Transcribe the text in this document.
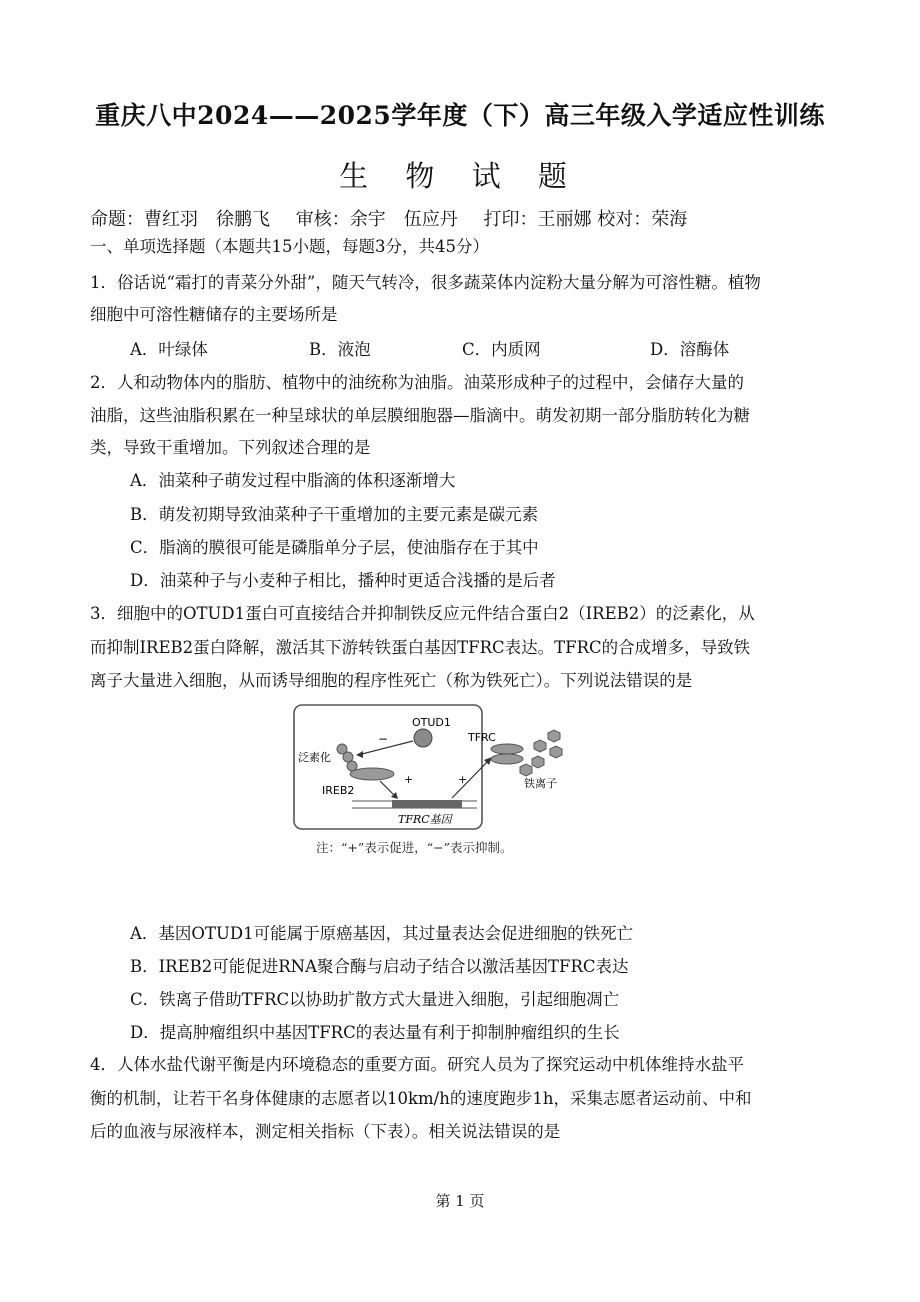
重庆八中2024——2025学年度（下）高三年级入学适应性训练
生 物 试 题
命题：曹红羽　徐鹏飞 审核：余宇　伍应丹 打印：王丽娜 校对：荣海
一、单项选择题（本题共15小题，每题3分，共45分）
1．俗话说“霜打的青菜分外甜”，随天气转冷，很多蔬菜体内淀粉大量分解为可溶性糖。植物
细胞中可溶性糖储存的主要场所是
A．叶绿体	B．液泡	C．内质网	D．溶酶体
2．人和动物体内的脂肪、植物中的油统称为油脂。油菜形成种子的过程中，会储存大量的
油脂，这些油脂积累在一种呈球状的单层膜细胞器—脂滴中。萌发初期一部分脂肪转化为糖
类，导致干重增加。下列叙述合理的是
A．油菜种子萌发过程中脂滴的体积逐渐增大
B．萌发初期导致油菜种子干重增加的主要元素是碳元素
C．脂滴的膜很可能是磷脂单分子层，使油脂存在于其中
D．油菜种子与小麦种子相比，播种时更适合浅播的是后者
3．细胞中的OTUD1蛋白可直接结合并抑制铁反应元件结合蛋白2（IREB2）的泛素化，从
而抑制IREB2蛋白降解，激活其下游转铁蛋白基因TFRC表达。TFRC的合成增多，导致铁
离子大量进入细胞，从而诱导细胞的程序性死亡（称为铁死亡）。下列说法错误的是
OTUD1
−
泛素化
IREB2
+
TFRC基因
+
TFRC
铁离子
注：“+”表示促进，“−”表示抑制。
A．基因OTUD1可能属于原癌基因，其过量表达会促进细胞的铁死亡
B．IREB2可能促进RNA聚合酶与启动子结合以激活基因TFRC表达
C．铁离子借助TFRC以协助扩散方式大量进入细胞，引起细胞凋亡
D．提高肿瘤组织中基因TFRC的表达量有利于抑制肿瘤组织的生长
4．人体水盐代谢平衡是内环境稳态的重要方面。研究人员为了探究运动中机体维持水盐平
衡的机制，让若干名身体健康的志愿者以10km/h的速度跑步1h，采集志愿者运动前、中和
后的血液与尿液样本，测定相关指标（下表）。相关说法错误的是
第 1 页
